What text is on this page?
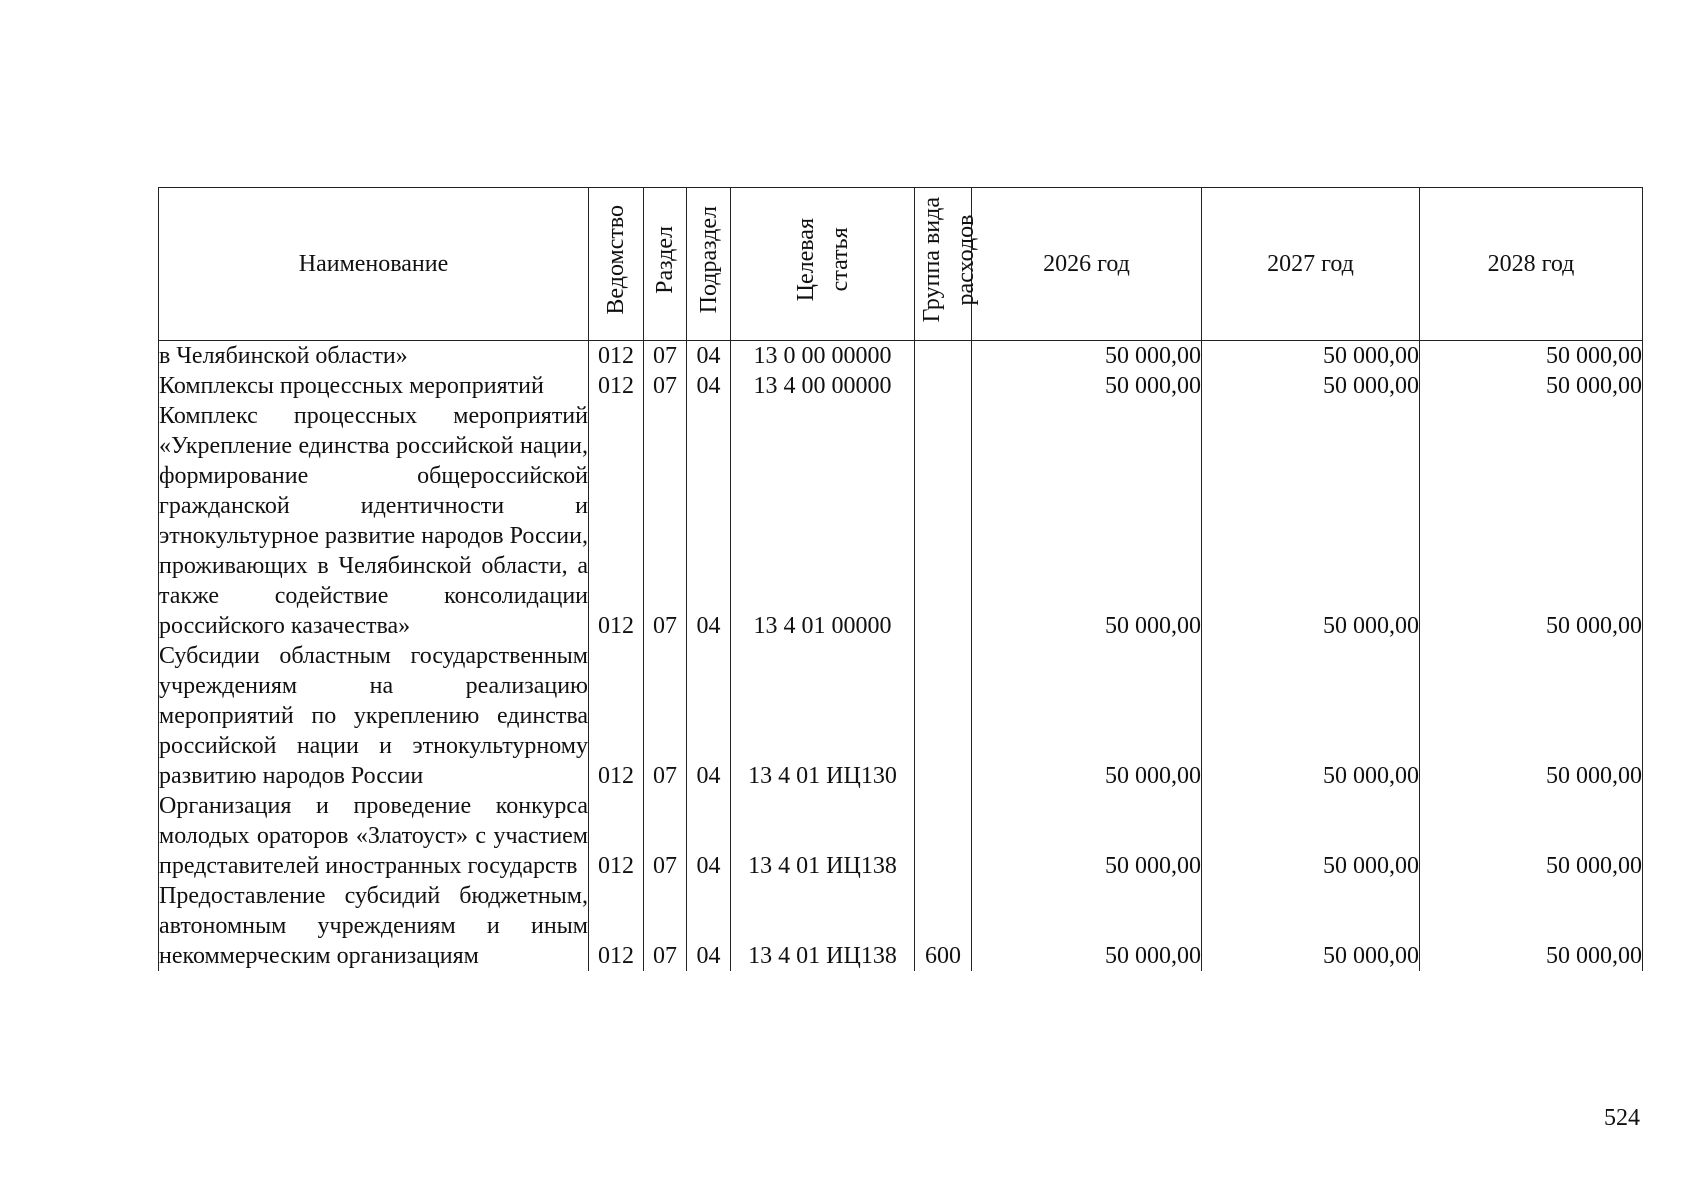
Наименование	Ведомство	Раздел	Подраздел	Целевая статья	Группа вида расходов	2026 год	2027 год	2028 год
в Челябинской области»	012	07	04	13 0 00 00000		50 000,00	50 000,00	50 000,00
Комплексы процессных мероприятий	012	07	04	13 4 00 00000		50 000,00	50 000,00	50 000,00
Комплекс процессных мероприятий «Укрепление единства российской нации, формирование общероссийской гражданской идентичности и этнокультурное развитие народов России, проживающих в Челябинской области, а также содействие консолидации российского казачества»	012	07	04	13 4 01 00000		50 000,00	50 000,00	50 000,00
Субсидии областным государственным учреждениям на реализацию мероприятий по укреплению единства российской нации и этнокультурному развитию народов России	012	07	04	13 4 01 ИЦ130		50 000,00	50 000,00	50 000,00
Организация и проведение конкурса молодых ораторов «Златоуст» с участием представителей иностранных государств	012	07	04	13 4 01 ИЦ138		50 000,00	50 000,00	50 000,00
Предоставление субсидий бюджетным, автономным учреждениям и иным некоммерческим организациям	012	07	04	13 4 01 ИЦ138	600	50 000,00	50 000,00	50 000,00
524
